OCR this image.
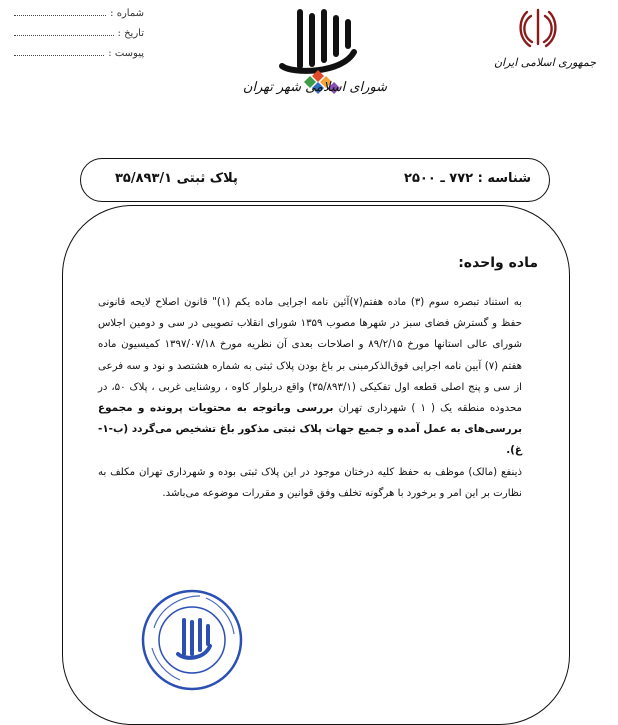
شماره :
تاریخ :
پیوست :
شورای اسلامی شهر تهران
جمهوری اسلامی ایران
پلاک ثبتی ۳۵/۸۹۳/۱	شناسه : ۷۷۲ ـ ۲۵۰۰
ماده واحده:

به استناد تبصره سوم (۳) ماده هفتم(۷)آئین نامه اجرایی ماده یکم (۱)" قانون اصلاح لایحه قانونی حفظ و گسترش فضای سبز در شهرها مصوب ۱۳۵۹ شورای انقلاب تصویبی در سی و دومین اجلاس شورای عالی استانها مورخ ۸۹/۲/۱۵ و اصلاحات بعدی آن نظریه مورخ ۱۳۹۷/۰۷/۱۸ کمیسیون ماده هفتم (۷) آیین نامه اجرایی فوق‌الذکرمبنی بر باغ بودن پلاک ثبتی به شماره هشتصد و نود و سه فرعی از سی و پنج اصلی قطعه اول تفکیکی (۳۵/۸۹۳/۱) واقع دربلوار کاوه ، روشنایی غربی ، پلاک ۵۰، در محدوده منطقه یک ( ۱ ) شهرداری تهران بررسی وباتوجه به محتویات پرونده و مجموع بررسی‌های به عمل آمده و جمیع جهات پلاک ثبتی مذکور باغ تشخیص می‌گردد (ب-۱-غ).

ذینفع (مالک) موظف به حفظ کلیه درختان موجود در این پلاک ثبتی بوده و شهرداری تهران مکلف به نظارت بر این امر و برخورد با هرگونه تخلف وفق قوانین و مقررات موضوعه می‌باشد.
